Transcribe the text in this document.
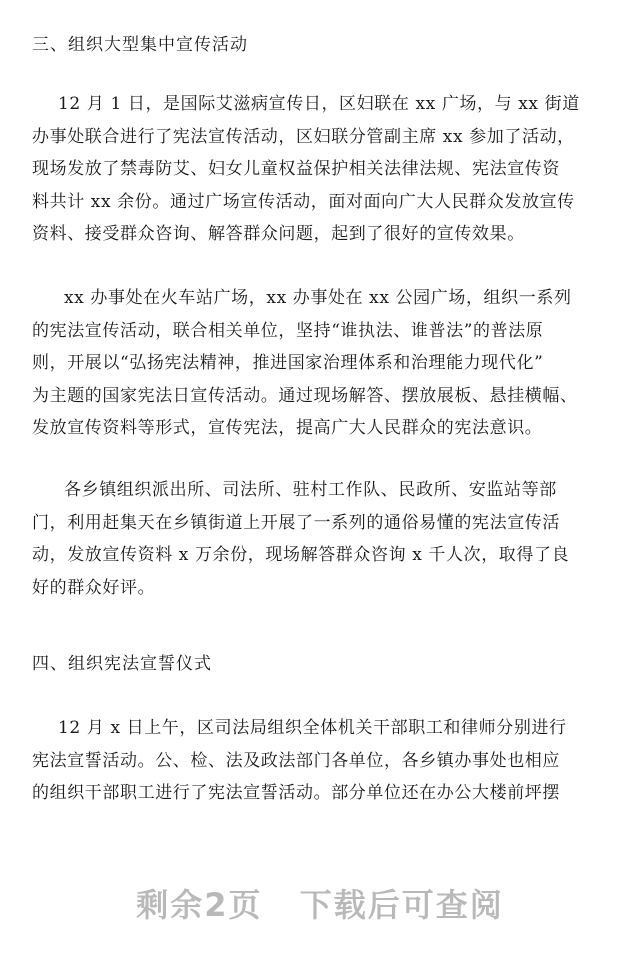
三、组织大型集中宣传活动
12 月 1 日，是国际艾滋病宣传日，区妇联在 xx 广场，与 xx 街道
办事处联合进行了宪法宣传活动，区妇联分管副主席 xx 参加了活动，
现场发放了禁毒防艾、妇女儿童权益保护相关法律法规、宪法宣传资
料共计 xx 余份。通过广场宣传活动，面对面向广大人民群众发放宣传
资料、接受群众咨询、解答群众问题，起到了很好的宣传效果。
xx 办事处在火车站广场，xx 办事处在 xx 公园广场，组织一系列
的宪法宣传活动，联合相关单位，坚持“谁执法、谁普法”的普法原
则，开展以“弘扬宪法精神，推进国家治理体系和治理能力现代化”
为主题的国家宪法日宣传活动。通过现场解答、摆放展板、悬挂横幅、
发放宣传资料等形式，宣传宪法，提高广大人民群众的宪法意识。
各乡镇组织派出所、司法所、驻村工作队、民政所、安监站等部
门，利用赶集天在乡镇街道上开展了一系列的通俗易懂的宪法宣传活
动，发放宣传资料 x 万余份，现场解答群众咨询 x 千人次，取得了良
好的群众好评。
四、组织宪法宣誓仪式
12 月 x 日上午，区司法局组织全体机关干部职工和律师分别进行
宪法宣誓活动。公、检、法及政法部门各单位，各乡镇办事处也相应
的组织干部职工进行了宪法宣誓活动。部分单位还在办公大楼前坪摆
剩余2页 下载后可查阅
